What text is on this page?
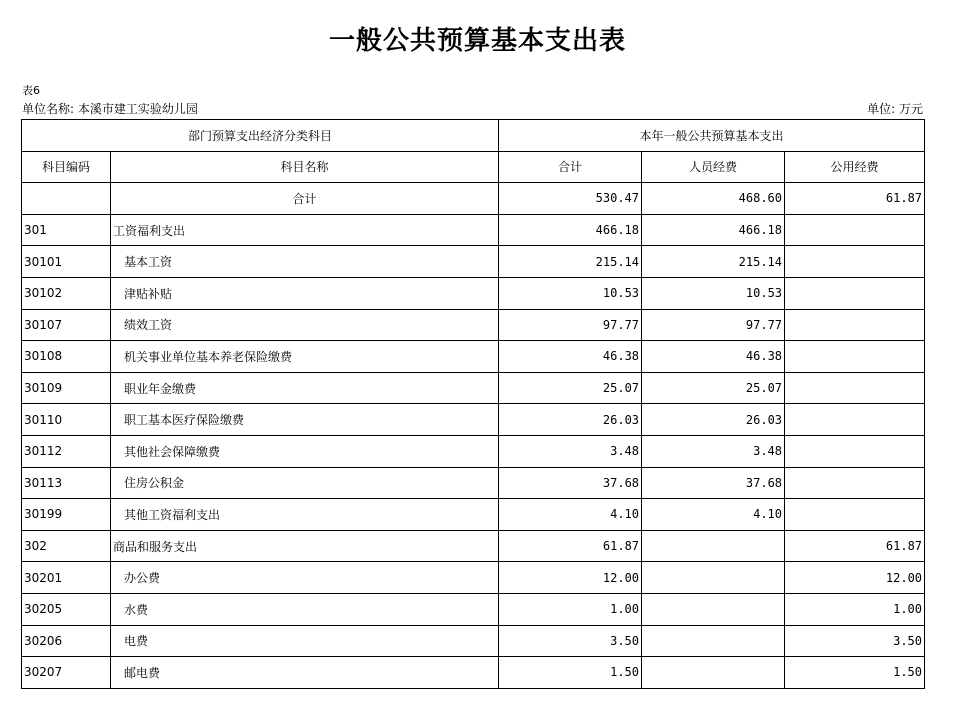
一般公共预算基本支出表
表6
单位名称: 本溪市建工实验幼儿园	单位: 万元
部门预算支出经济分类科目		本年一般公共预算基本支出		
科目编码	科目名称	合计	人员经费	公用经费
	合计	530.47	468.60	61.87
301	工资福利支出	466.18	466.18	
30101	基本工资	215.14	215.14	
30102	津贴补贴	10.53	10.53	
30107	绩效工资	97.77	97.77	
30108	机关事业单位基本养老保险缴费	46.38	46.38	
30109	职业年金缴费	25.07	25.07	
30110	职工基本医疗保险缴费	26.03	26.03	
30112	其他社会保障缴费	3.48	3.48	
30113	住房公积金	37.68	37.68	
30199	其他工资福利支出	4.10	4.10	
302	商品和服务支出	61.87		61.87
30201	办公费	12.00		12.00
30205	水费	1.00		1.00
30206	电费	3.50		3.50
30207	邮电费	1.50		1.50
